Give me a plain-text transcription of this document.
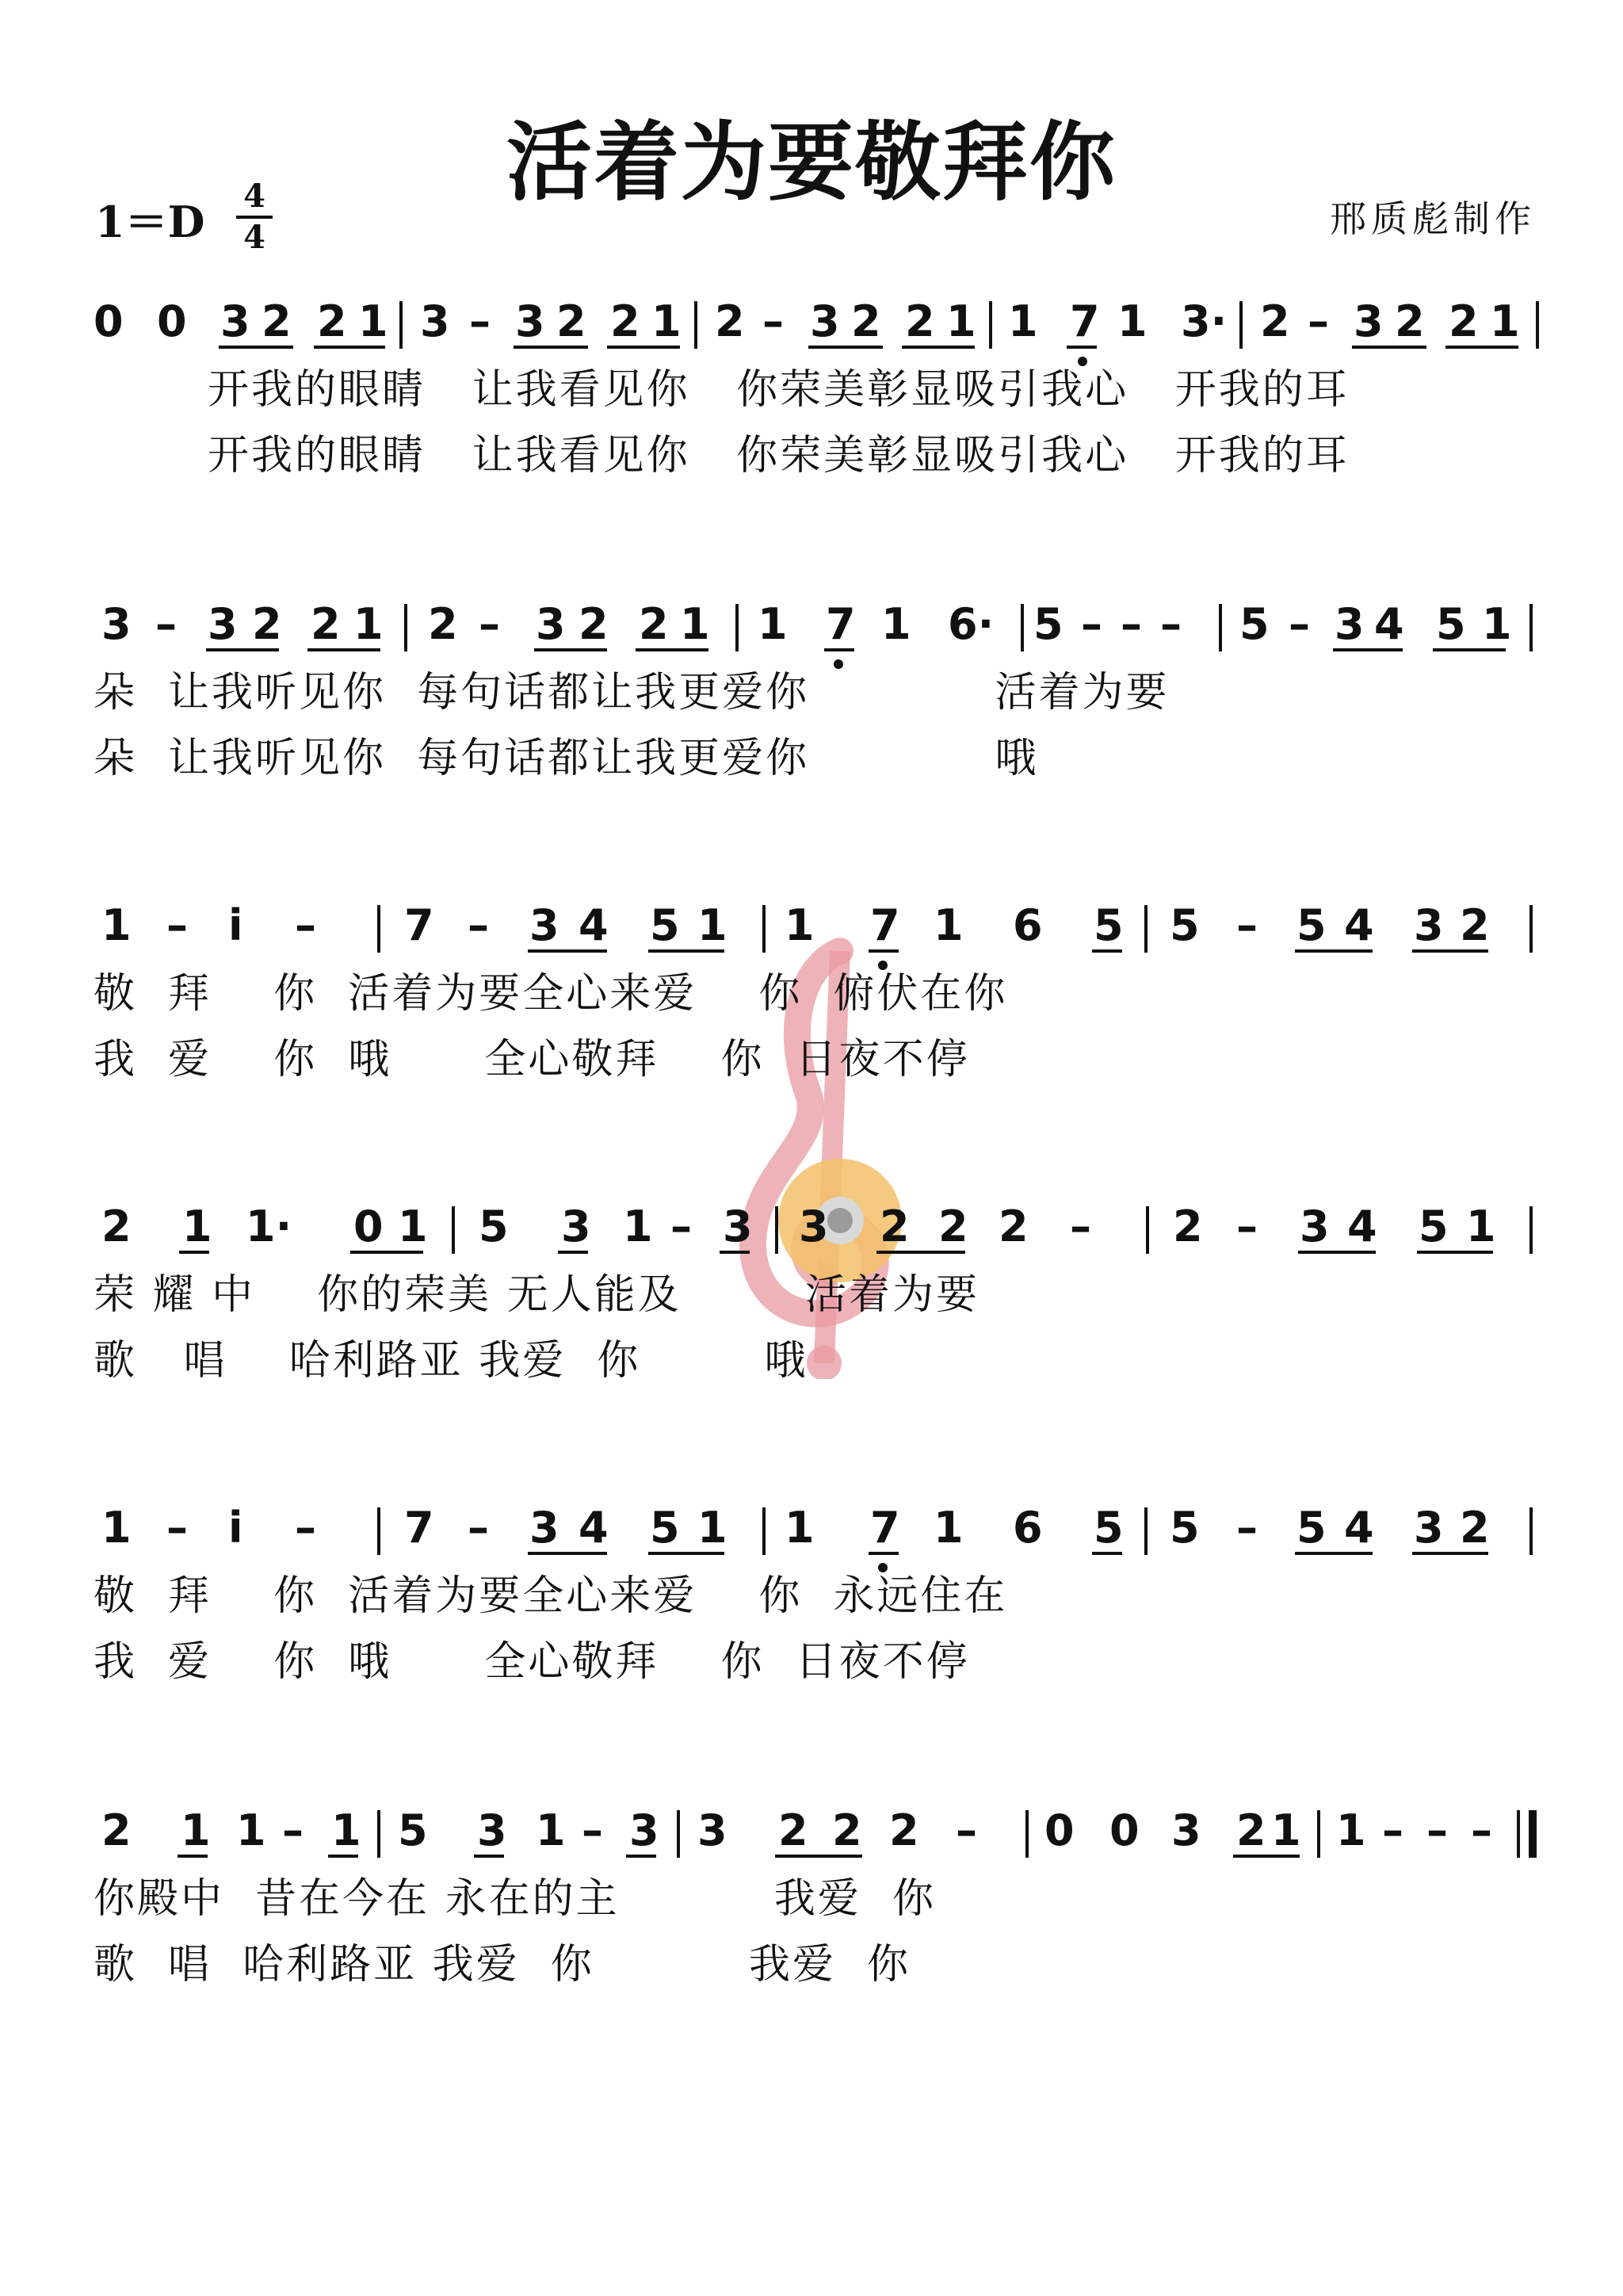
活着为要敬拜你
1＝D
4
4	邢质彪制作
0 0 3 2 2 1 3 – 3 2 2 1 2 – 3 2 2 1 1 7 1 3· 2 – 3 2 2 1
开我的眼睛   让我看见你   你荣美彰显吸引我心   开我的耳
开我的眼睛   让我看见你   你荣美彰显吸引我心   开我的耳
3 – 3 2 2 1 2 – 3 2 2 1 1 7 1 6· 5 – – – 5 – 3 4 5 1
朵  让我听见你  每句话都让我更爱你            活着为要
朵  让我听见你  每句话都让我更爱你            哦
1 – i – 7 – 3 4 5 1 1 7 1 6 5 5 – 5 4 3 2
敬  拜    你  活着为要全心来爱    你  俯伏在你
我  爱    你  哦      全心敬拜    你  日夜不停
2 1 1· 0 1 5 3 1 – 3 3 2 2 2 – 2 – 3 4 5 1
荣 耀 中    你的荣美 无人能及        活着为要
歌   唱    哈利路亚 我爱  你        哦
1 – i – 7 – 3 4 5 1 1 7 1 6 5 5 – 5 4 3 2
敬  拜    你  活着为要全心来爱    你  永远住在
我  爱    你  哦      全心敬拜    你  日夜不停
2 1 1 – 1 5 3 1 – 3 3 2 2 2 – 0 0 3 2 1 1 – – –
你殿中  昔在今在 永在的主          我爱  你
歌  唱  哈利路亚 我爱  你          我爱  你
